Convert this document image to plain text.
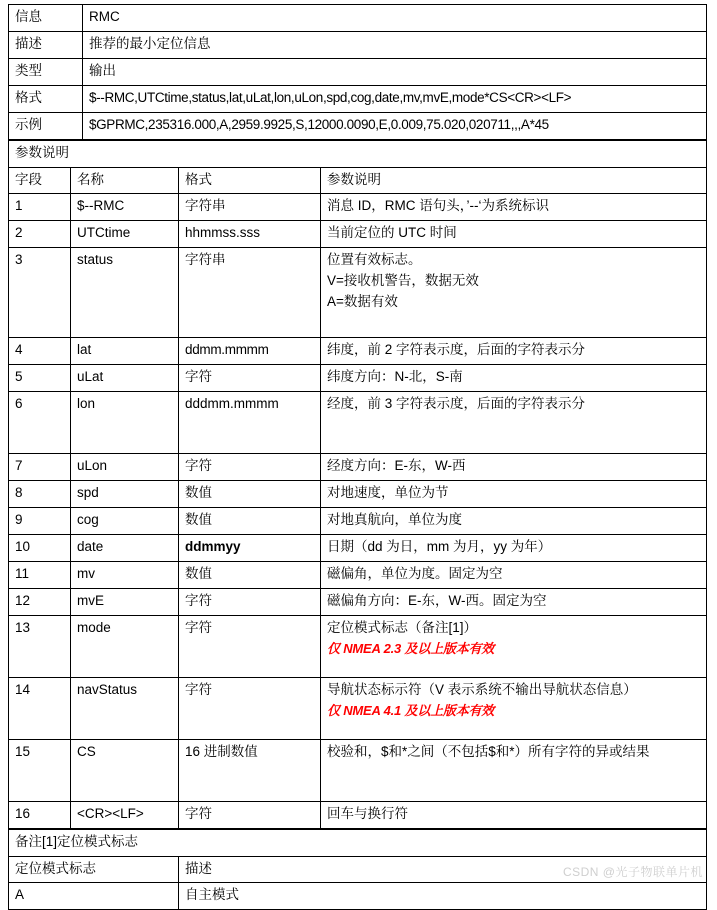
信息	RMC
描述	推荐的最小定位信息
类型	输出
格式	$--RMC,UTCtime,status,lat,uLat,lon,uLon,spd,cog,date,mv,mvE,mode*CS<CR><LF>
示例	$GPRMC,235316.000,A,2959.9925,S,12000.0090,E,0.009,75.020,020711,,,A*45
参数说明			
字段	名称	格式	参数说明
1	$--RMC	字符串	消息 ID，RMC 语句头，’--‘为系统标识

2	UTCtime	hhmmss.sss	当前定位的 UTC 时间

3	status	字符串	位置有效标志。
V=接收机警告，数据无效
A=数据有效

4	lat	ddmm.mmmm	纬度，前 2 字符表示度，后面的字符表示分

5	uLat	字符	纬度方向：N-北，S-南

6	lon	dddmm.mmmm	经度，前 3 字符表示度，后面的字符表示分

7	uLon	字符	经度方向：E-东，W-西

8	spd	数值	对地速度，单位为节

9	cog	数值	对地真航向，单位为度

10	date	ddmmyy	日期（dd 为日，mm 为月，yy 为年）

11	mv	数值	磁偏角，单位为度。固定为空

12	mvE	字符	磁偏角方向：E-东，W-西。固定为空

13	mode	字符	定位模式标志（备注[1]）
仅 NMEA 2.3 及以上版本有效

14	navStatus	字符	导航状态标示符（V 表示系统不输出导航状态信息）
仅 NMEA 4.1 及以上版本有效

15	CS	16 进制数值	校验和，$和*之间（不包括$和*）所有字符的异或结果

16	<CR><LF>	字符	回车与换行符
备注[1]定位模式标志	
定位模式标志	描述
A	自主模式
CSDN @光子物联单片机
